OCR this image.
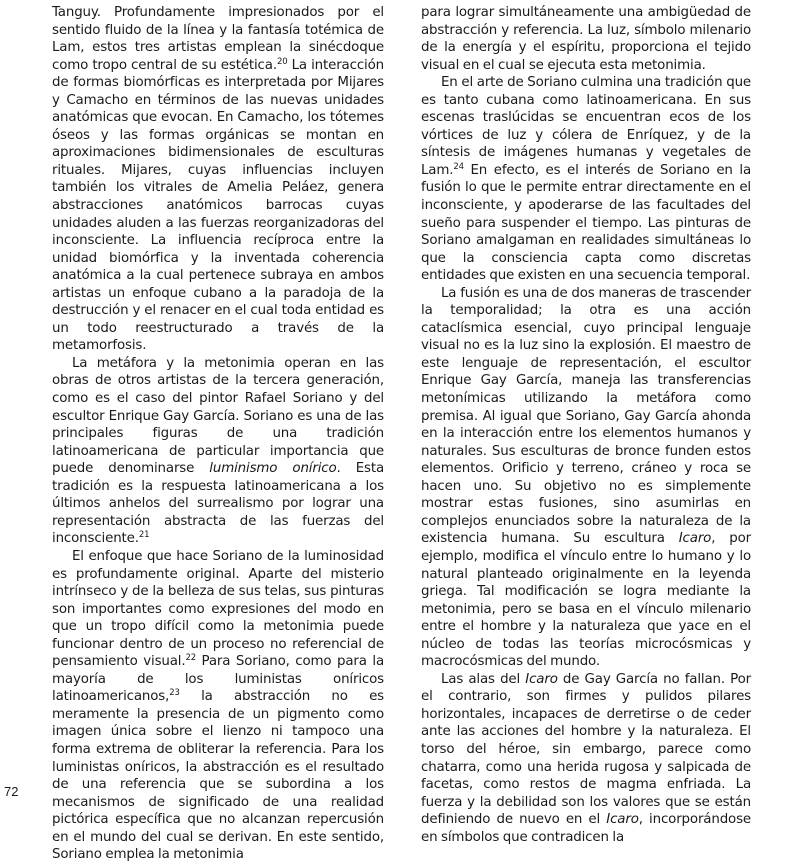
Tanguy. Profundamente impresionados por el sentido fluido de la línea y la fantasía totémica de Lam, estos tres artistas emplean la sinécdoque como tropo central de su estética.$^{20}$ La interacción de formas biomórficas es interpretada por Mijares y Camacho en términos de las nuevas unidades anatómicas que evocan. En Camacho, los tótemes óseos y las formas orgánicas se montan en aproximaciones bidimensionales de esculturas rituales. Mijares, cuyas influencias incluyen también los vitrales de Amelia Peláez, genera abstracciones anatómicos barrocas cuyas unidades aluden a las fuerzas reorganizadoras del inconsciente. La influencia recíproca entre la unidad biomórfica y la inventada coherencia anatómica a la cual pertenece subraya en ambos artistas un enfoque cubano a la paradoja de la destrucción y el renacer en el cual toda entidad es un todo reestructurado a través de la metamorfosis.

La metáfora y la metonimia operan en las obras de otros artistas de la tercera generación, como es el caso del pintor Rafael Soriano y del escultor Enrique Gay García. Soriano es una de las principales figuras de una tradición latinoamericana de particular importancia que puede denominarse luminismo onírico. Esta tradición es la respuesta latinoamericana a los últimos anhelos del surrealismo por lograr una representación abstracta de las fuerzas del inconsciente.$^{21}$

El enfoque que hace Soriano de la luminosidad es profundamente original. Aparte del misterio intrínseco y de la belleza de sus telas, sus pinturas son importantes como expresiones del modo en que un tropo difícil como la metonimia puede funcionar dentro de un proceso no referencial de pensamiento visual.$^{22}$ Para Soriano, como para la mayoría de los luministas oníricos latinoamericanos,$^{23}$ la abstracción no es meramente la presencia de un pigmento como imagen única sobre el lienzo ni tampoco una forma extrema de obliterar la referencia. Para los luministas oníricos, la abstracción es el resultado de una referencia que se subordina a los mecanismos de significado de una realidad pictórica específica que no alcanzan repercusión en el mundo del cual se derivan. En este sentido, Soriano emplea la metonimia

para lograr simultáneamente una ambigüedad de abstracción y referencia. La luz, símbolo milenario de la energía y el espíritu, proporciona el tejido visual en el cual se ejecuta esta metonimia.

En el arte de Soriano culmina una tradición que es tanto cubana como latinoamericana. En sus escenas traslúcidas se encuentran ecos de los vórtices de luz y cólera de Enríquez, y de la síntesis de imágenes humanas y vegetales de Lam.$^{24}$ En efecto, es el interés de Soriano en la fusión lo que le permite entrar directamente en el inconsciente, y apoderarse de las facultades del sueño para suspender el tiempo. Las pinturas de Soriano amalgaman en realidades simultáneas lo que la consciencia capta como discretas entidades que existen en una secuencia temporal.

La fusión es una de dos maneras de trascender la temporalidad; la otra es una acción cataclísmica esencial, cuyo principal lenguaje visual no es la luz sino la explosión. El maestro de este lenguaje de representación, el escultor Enrique Gay García, maneja las transferencias metonímicas utilizando la metáfora como premisa. Al igual que Soriano, Gay García ahonda en la interacción entre los elementos humanos y naturales. Sus esculturas de bronce funden estos elementos. Orificio y terreno, cráneo y roca se hacen uno. Su objetivo no es simplemente mostrar estas fusiones, sino asumirlas en complejos enunciados sobre la naturaleza de la existencia humana. Su escultura Icaro, por ejemplo, modifica el vínculo entre lo humano y lo natural planteado originalmente en la leyenda griega. Tal modificación se logra mediante la metonimia, pero se basa en el vínculo milenario entre el hombre y la naturaleza que yace en el núcleo de todas las teorías microcósmicas y macrocósmicas del mundo.

Las alas del Icaro de Gay García no fallan. Por el contrario, son firmes y pulidos pilares horizontales, incapaces de derretirse o de ceder ante las acciones del hombre y la naturaleza. El torso del héroe, sin embargo, parece como chatarra, como una herida rugosa y salpicada de facetas, como restos de magma enfriada. La fuerza y la debilidad son los valores que se están definiendo de nuevo en el Icaro, incorporándose en símbolos que contradicen la

72
